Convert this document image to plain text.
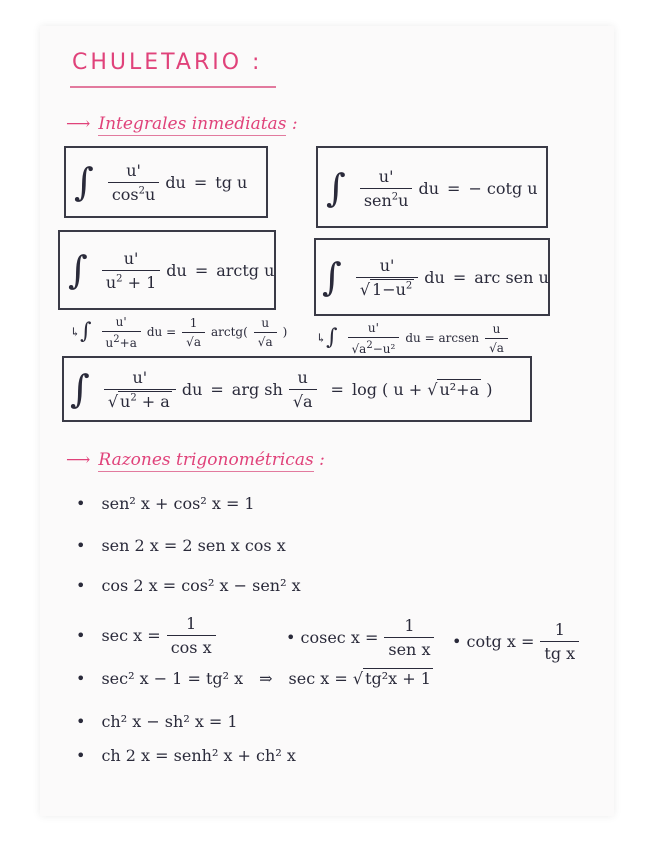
CHULETARIO :
⟶ Integrales inmediatas :
∫ $\frac{u'}{\cos^2u}$ du = tg u ∫ $\frac{u'}{sen^2u}$ du = − cotg u
∫ $\frac{u'}{u^2 + 1}$ du = arctg u ∫ $\frac{u'}{√ 1-u^2}$ du = arc sen u
↳ ∫ $\frac{u'}{u^2+a}$ du
= $\frac{1}{√a}$ arctg ( $\frac{u}{√a}$ ) ↳ ∫ $\frac{u'}{√a^2-u^2}$ du
=
arcsen $\frac{u}{√a}$
∫ $\frac{u'}{√ u^2 + a}$ du = arg sh $\frac{u}{√a} = \log$ ( u +
√ u²+a
)
⟶ Razones trigonométricas :
• sen² x + cos² x = 1
• sen 2 x = 2 sen x cos x
• cos 2 x = cos² x − sen² x
• $\sec x = \frac{1}{\text{cos x}}$	•
cosec $x = \frac{1}{\text{sen x}}$ •
cotg $x = \frac{1}{\text{tg x}}$
• sec² x − 1 = tg² x ⇒ sec x =
√ tg²x + 1
• ch² x − sh² x = 1
• ch 2 x = senh² x + ch² x
